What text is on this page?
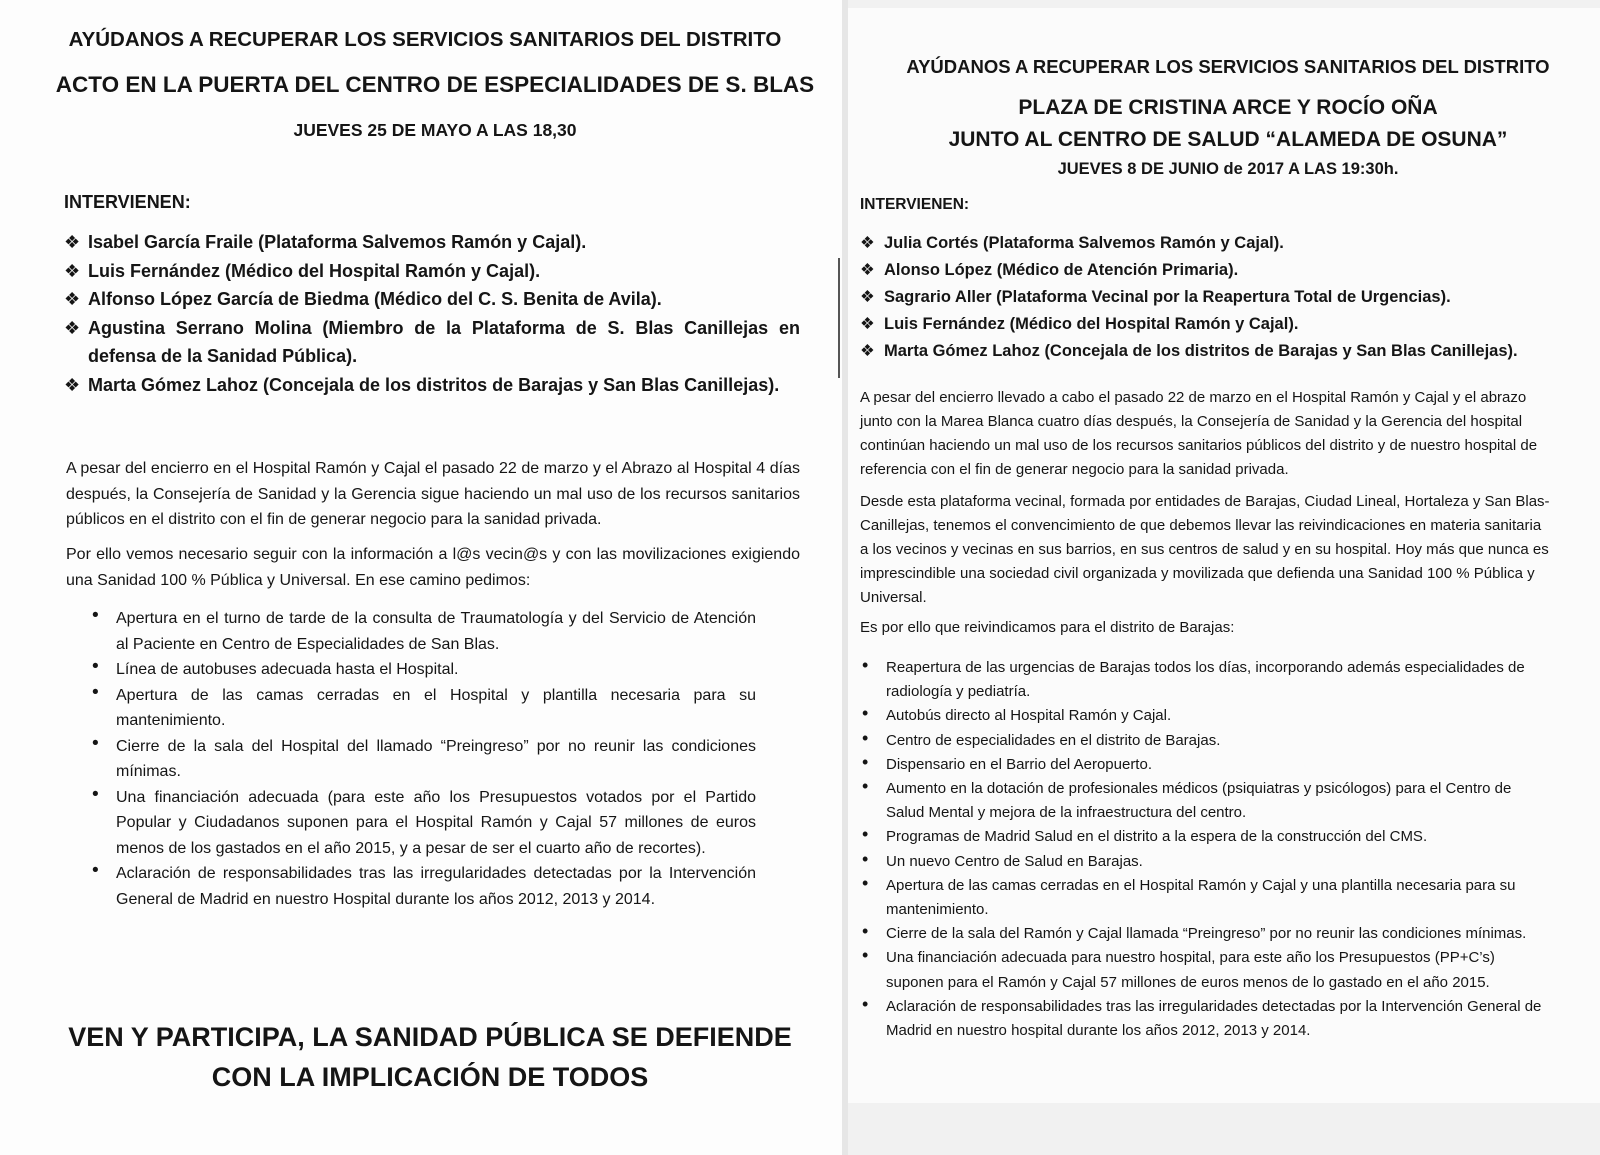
AYÚDANOS A RECUPERAR LOS SERVICIOS SANITARIOS DEL DISTRITO

ACTO EN LA PUERTA DEL CENTRO DE ESPECIALIDADES DE S. BLAS

JUEVES 25 DE MAYO A LAS 18,30

INTERVIENEN:

❖ Isabel García Fraile (Plataforma Salvemos Ramón y Cajal).
❖ Luis Fernández (Médico del Hospital Ramón y Cajal).
❖ Alfonso López García de Biedma (Médico del C. S. Benita de Avila).
❖ Agustina Serrano Molina (Miembro de la Plataforma de S. Blas Canillejas en defensa de la Sanidad Pública).
❖ Marta Gómez Lahoz (Concejala de los distritos de Barajas y San Blas Canillejas).

A pesar del encierro en el Hospital Ramón y Cajal el pasado 22 de marzo y el Abrazo al Hospital 4 días después, la Consejería de Sanidad y la Gerencia sigue haciendo un mal uso de los recursos sanitarios públicos en el distrito con el fin de generar negocio para la sanidad privada.

Por ello vemos necesario seguir con la información a l@s vecin@s y con las movilizaciones exigiendo una Sanidad 100 % Pública y Universal. En ese camino pedimos:

• Apertura en el turno de tarde de la consulta de Traumatología y del Servicio de Atención al Paciente en Centro de Especialidades de San Blas.
• Línea de autobuses adecuada hasta el Hospital.
• Apertura de las camas cerradas en el Hospital y plantilla necesaria para su mantenimiento.
• Cierre de la sala del Hospital del llamado “Preingreso” por no reunir las condiciones mínimas.
• Una financiación adecuada (para este año los Presupuestos votados por el Partido Popular y Ciudadanos suponen para el Hospital Ramón y Cajal 57 millones de euros menos de los gastados en el año 2015, y a pesar de ser el cuarto año de recortes).
• Aclaración de responsabilidades tras las irregularidades detectadas por la Intervención General de Madrid en nuestro Hospital durante los años 2012, 2013 y 2014.

VEN Y PARTICIPA, LA SANIDAD PÚBLICA SE DEFIENDE

CON LA IMPLICACIÓN DE TODOS

AYÚDANOS A RECUPERAR LOS SERVICIOS SANITARIOS DEL DISTRITO

PLAZA DE CRISTINA ARCE Y ROCÍO OÑA

JUNTO AL CENTRO DE SALUD “ALAMEDA DE OSUNA”

JUEVES 8 DE JUNIO de 2017 A LAS 19:30h.

INTERVIENEN:

❖ Julia Cortés (Plataforma Salvemos Ramón y Cajal).
❖ Alonso López (Médico de Atención Primaria).
❖ Sagrario Aller (Plataforma Vecinal por la Reapertura Total de Urgencias).
❖ Luis Fernández (Médico del Hospital Ramón y Cajal).
❖ Marta Gómez Lahoz (Concejala de los distritos de Barajas y San Blas Canillejas).

A pesar del encierro llevado a cabo el pasado 22 de marzo en el Hospital Ramón y Cajal y el abrazo junto con la Marea Blanca cuatro días después, la Consejería de Sanidad y la Gerencia del hospital continúan haciendo un mal uso de los recursos sanitarios públicos del distrito y de nuestro hospital de referencia con el fin de generar negocio para la sanidad privada.

Desde esta plataforma vecinal, formada por entidades de Barajas, Ciudad Lineal, Hortaleza y San Blas-Canillejas, tenemos el convencimiento de que debemos llevar las reivindicaciones en materia sanitaria a los vecinos y vecinas en sus barrios, en sus centros de salud y en su hospital. Hoy más que nunca es imprescindible una sociedad civil organizada y movilizada que defienda una Sanidad 100 % Pública y Universal.

Es por ello que reivindicamos para el distrito de Barajas:

• Reapertura de las urgencias de Barajas todos los días, incorporando además especialidades de radiología y pediatría.
• Autobús directo al Hospital Ramón y Cajal.
• Centro de especialidades en el distrito de Barajas.
• Dispensario en el Barrio del Aeropuerto.
• Aumento en la dotación de profesionales médicos (psiquiatras y psicólogos) para el Centro de Salud Mental y mejora de la infraestructura del centro.
• Programas de Madrid Salud en el distrito a la espera de la construcción del CMS.
• Un nuevo Centro de Salud en Barajas.
• Apertura de las camas cerradas en el Hospital Ramón y Cajal y una plantilla necesaria para su mantenimiento.
• Cierre de la sala del Ramón y Cajal llamada “Preingreso” por no reunir las condiciones mínimas.
• Una financiación adecuada para nuestro hospital, para este año los Presupuestos (PP+C’s) suponen para el Ramón y Cajal 57 millones de euros menos de lo gastado en el año 2015.
• Aclaración de responsabilidades tras las irregularidades detectadas por la Intervención General de Madrid en nuestro hospital durante los años 2012, 2013 y 2014.
